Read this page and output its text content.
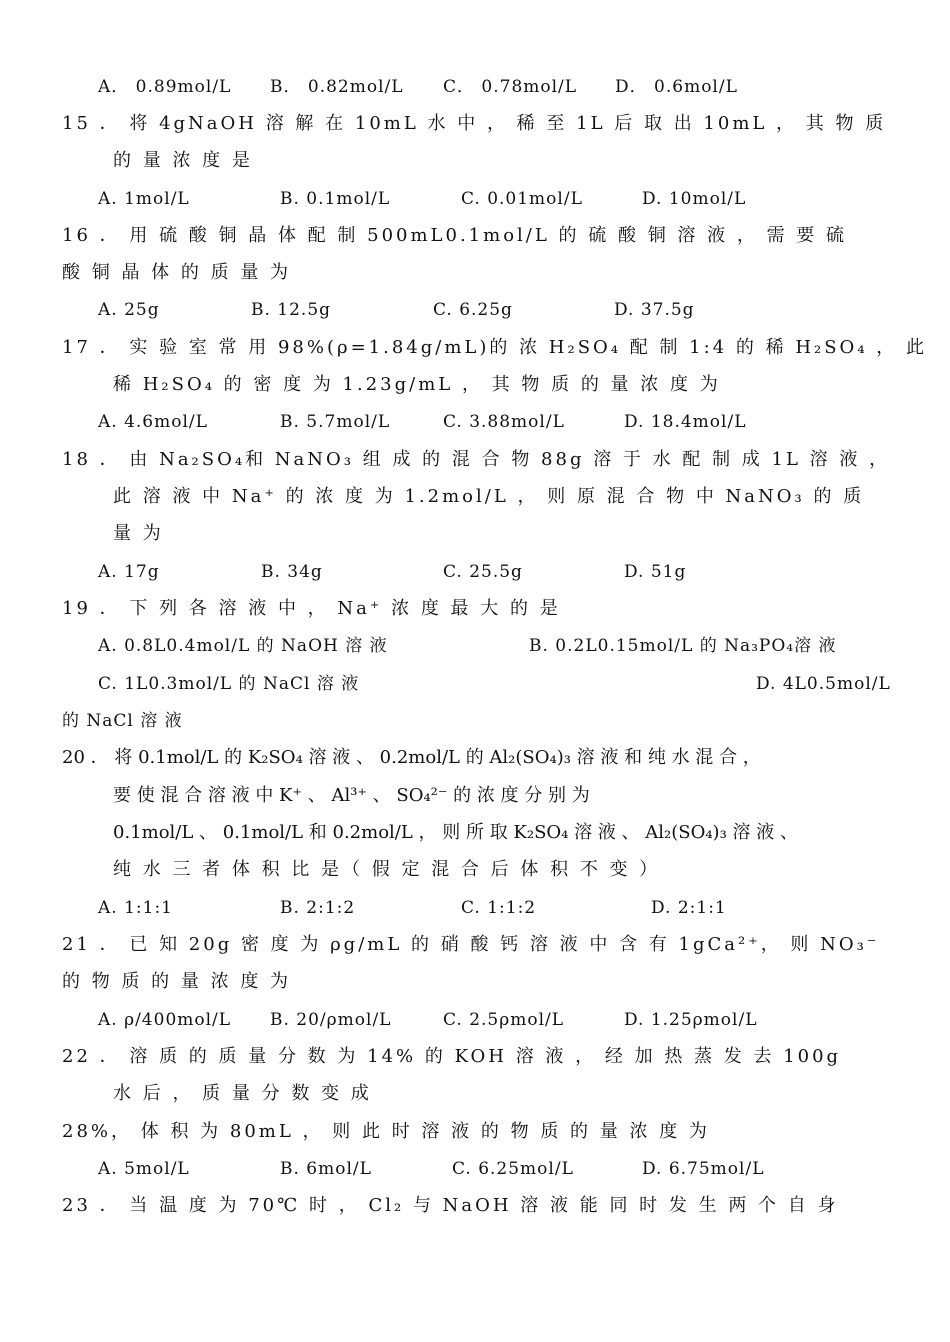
A． 0.89mol/L B． 0.82mol/L C． 0.78mol/L D． 0.6mol/L
15 ． 将 4gNaOH 溶 解 在 10mL 水 中 ， 稀 至 1L 后 取 出 10mL ， 其 物 质
的 量 浓 度 是
A. 1mol/L	B. 0.1mol/L	C. 0.01mol/L	D. 10mol/L
16 ． 用 硫 酸 铜 晶 体 配 制 500mL0.1mol/L 的 硫 酸 铜 溶 液 ， 需 要 硫
酸 铜 晶 体 的 质 量 为
A. 25g	B. 12.5g	C. 6.25g	D. 37.5g
17 ． 实 验 室 常 用 98%(ρ=1.84g/mL)的 浓 H₂SO₄ 配 制 1:4 的 稀 H₂SO₄ ， 此
稀 H₂SO₄ 的 密 度 为 1.23g/mL ， 其 物 质 的 量 浓 度 为
A. 4.6mol/L	B. 5.7mol/L	C. 3.88mol/L	D. 18.4mol/L
18 ． 由 Na₂SO₄和 NaNO₃ 组 成 的 混 合 物 88g 溶 于 水 配 制 成 1L 溶 液 ，
此 溶 液 中 Na⁺ 的 浓 度 为 1.2mol/L ， 则 原 混 合 物 中 NaNO₃ 的 质
量 为
A. 17g	B. 34g	C. 25.5g	D. 51g
19 ． 下 列 各 溶 液 中 ， Na⁺ 浓 度 最 大 的 是
A. 0.8L0.4mol/L 的 NaOH 溶 液	B. 0.2L0.15mol/L 的 Na₃PO₄溶 液
C. 1L0.3mol/L 的 NaCl 溶 液	D. 4L0.5mol/L
的 NaCl 溶 液
20 ． 将 0.1mol/L 的 K₂SO₄ 溶 液 、 0.2mol/L 的 Al₂(SO₄)₃ 溶 液 和 纯 水 混 合 ，
要 使 混 合 溶 液 中 K⁺ 、 Al³⁺ 、 SO₄²⁻ 的 浓 度 分 别 为
0.1mol/L 、 0.1mol/L 和 0.2mol/L ， 则 所 取 K₂SO₄ 溶 液 、 Al₂(SO₄)₃ 溶 液 、
纯 水 三 者 体 积 比 是（ 假 定 混 合 后 体 积 不 变 ）
A. 1:1:1	B. 2:1:2	C. 1:1:2	D. 2:1:1
21 ． 已 知 20g 密 度 为 ρg/mL 的 硝 酸 钙 溶 液 中 含 有 1gCa²⁺， 则 NO₃⁻
的 物 质 的 量 浓 度 为
A. ρ/400mol/L B. 20/ρmol/L	C. 2.5ρmol/L	D. 1.25ρmol/L
22 ． 溶 质 的 质 量 分 数 为 14% 的 KOH 溶 液 ， 经 加 热 蒸 发 去 100g
水 后 ， 质 量 分 数 变 成
28%， 体 积 为 80mL ， 则 此 时 溶 液 的 物 质 的 量 浓 度 为
A. 5mol/L	B. 6mol/L	C. 6.25mol/L	D. 6.75mol/L
23 ． 当 温 度 为 70℃ 时 ， Cl₂ 与 NaOH 溶 液 能 同 时 发 生 两 个 自 身
